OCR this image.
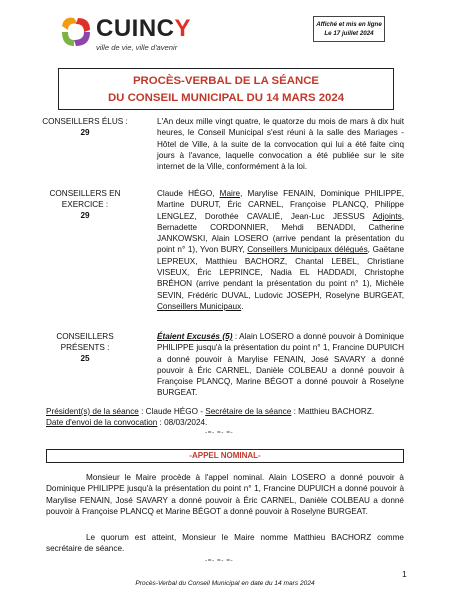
CUINCY
ville de vie, ville d'avenir
Affiché et mis en ligne
Le 17 juillet 2024
PROCÈS-VERBAL DE LA SÉANCE
DU CONSEIL MUNICIPAL DU 14 MARS 2024
CONSEILLERS ÉLUS :
29
L'An deux mille vingt quatre, le quatorze du mois de mars à dix huit heures, le Conseil Municipal s'est réuni à la salle des Mariages - Hôtel de Ville, à la suite de la convocation qui lui a été faite cinq jours à l'avance, laquelle convocation a été publiée sur le site internet de la Ville, conformément à la loi.
CONSEILLERS EN
EXERCICE :
29
Claude HÉGO, Maire, Marylise FENAIN, Dominique PHILIPPE, Martine DURUT, Éric CARNEL, Françoise PLANCQ, Philippe LENGLEZ, Dorothée CAVALIÉ, Jean-Luc JESSUS Adjoints, Bernadette CORDONNIER, Mehdi BENADDI, Catherine JANKOWSKI, Alain LOSERO (arrive pendant la présentation du point n° 1), Yvon BURY, Conseillers Municipaux délégués, Gaëtane LEPREUX, Matthieu BACHORZ, Chantal LEBEL, Christiane VISEUX, Éric LEPRINCE, Nadia EL HADDADI, Christophe BRÉHON (arrive pendant la présentation du point n° 1), Michèle SEVIN, Frédéric DUVAL, Ludovic JOSEPH, Roselyne BURGEAT, Conseillers Municipaux.
CONSEILLERS
PRÉSENTS :
25
Étaient Excusés (5) : Alain LOSERO a donné pouvoir à Dominique PHILIPPE jusqu'à la présentation du point n° 1, Francine DUPUICH a donné pouvoir à Marylise FENAIN, José SAVARY a donné pouvoir à Éric CARNEL, Danièle COLBEAU a donné pouvoir à Françoise PLANCQ, Marine BÉGOT a donné pouvoir à Roselyne BURGEAT.
Président(s) de la séance : Claude HÉGO - Secrétaire de la séance : Matthieu BACHORZ.
Date d'envoi de la convocation : 08/03/2024.
-=- =- =-
-APPEL NOMINAL-
Monsieur le Maire procède à l'appel nominal. Alain LOSERO a donné pouvoir à Dominique PHILIPPE jusqu'à la présentation du point n° 1, Francine DUPUICH a donné pouvoir à Marylise FENAIN, José SAVARY a donné pouvoir à Éric CARNEL, Danièle COLBEAU a donné pouvoir à Françoise PLANCQ et Marine BÉGOT a donné pouvoir à Roselyne BURGEAT.
Le quorum est atteint, Monsieur le Maire nomme Matthieu BACHORZ comme secrétaire de séance.
-=- =- =-
1
Procès-Verbal du Conseil Municipal en date du 14 mars 2024
